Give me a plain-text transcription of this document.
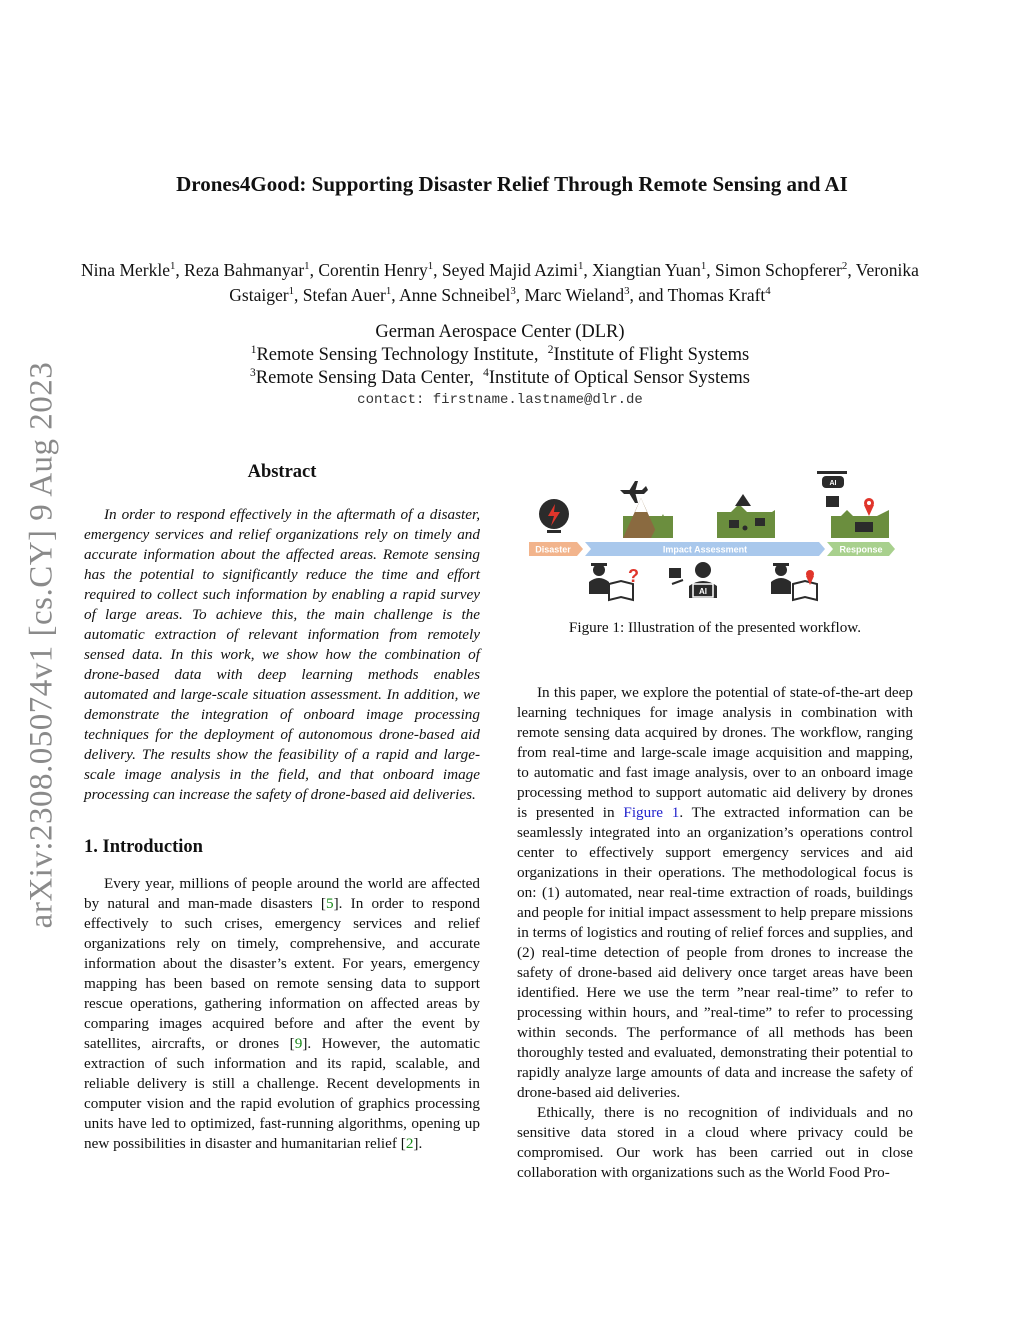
arXiv:2308.05074v1 [cs.CY] 9 Aug 2023
Drones4Good: Supporting Disaster Relief Through Remote Sensing and AI
Nina Merkle$^1$, Reza Bahmanyar$^1$, Corentin Henry$^1$, Seyed Majid Azimi$^1$, Xiangtian Yuan$^1$, Simon Schopferer$^2$, Veronika Gstaiger$^1$, Stefan Auer$^1$, Anne Schneibel$^3$, Marc Wieland$^3$, and Thomas Kraft$^4$
German Aerospace Center (DLR)
$^1$Remote Sensing Technology Institute, $^2$Institute of Flight Systems
$^3$Remote Sensing Data Center, $^4$Institute of Optical Sensor Systems
contact: firstname.lastname@dlr.de
Abstract

In order to respond effectively in the aftermath of a disaster, emergency services and relief organizations rely on timely and accurate information about the affected areas. Remote sensing has the potential to significantly reduce the time and effort required to collect such information by enabling a rapid survey of large areas. To achieve this, the main challenge is the automatic extraction of relevant information from remotely sensed data. In this work, we show how the combination of drone-based data with deep learning methods enables automated and large-scale situation assessment. In addition, we demonstrate the integration of onboard image processing techniques for the deployment of autonomous drone-based aid delivery. The results show the feasibility of a rapid and large-scale image analysis in the field, and that onboard image processing can increase the safety of drone-based aid deliveries.

1. Introduction

Every year, millions of people around the world are affected by natural and man-made disasters [5]. In order to respond effectively to such crises, emergency services and relief organizations rely on timely, comprehensive, and accurate information about the disaster’s extent. For years, emergency mapping has been based on remote sensing data to support rescue operations, gathering information on affected areas by comparing images acquired before and after the event by satellites, aircrafts, or drones [9]. However, the automatic extraction of such information and its rapid, scalable, and reliable delivery is still a challenge. Recent developments in computer vision and the rapid evolution of graphics processing units have led to optimized, fast-running algorithms, opening up new possibilities in disaster and humanitarian relief [2].

AI
Disaster	Impact Assessment	Response
?
AI

Figure 1: Illustration of the presented workflow.

In this paper, we explore the potential of state-of-the-art deep learning techniques for image analysis in combination with remote sensing data acquired by drones. The workflow, ranging from real-time and large-scale image acquisition and mapping, to automatic and fast image analysis, over to an onboard image processing method to support automatic aid delivery by drones is presented in Figure 1. The extracted information can be seamlessly integrated into an organization’s operations control center to effectively support emergency services and aid organizations in their operations. The methodological focus is on: (1) automated, near real-time extraction of roads, buildings and people for initial impact assessment to help prepare missions in terms of logistics and routing of relief forces and supplies, and (2) real-time detection of people from drones to increase the safety of drone-based aid delivery once target areas have been identified. Here we use the term ”near real-time” to refer to processing within hours, and ”real-time” to refer to processing within seconds. The performance of all methods has been thoroughly tested and evaluated, demonstrating their potential to rapidly analyze large amounts of data and increase the safety of drone-based aid deliveries.

Ethically, there is no recognition of individuals and no sensitive data stored in a cloud where privacy could be compromised. Our work has been carried out in close collaboration with organizations such as the World Food Pro-
